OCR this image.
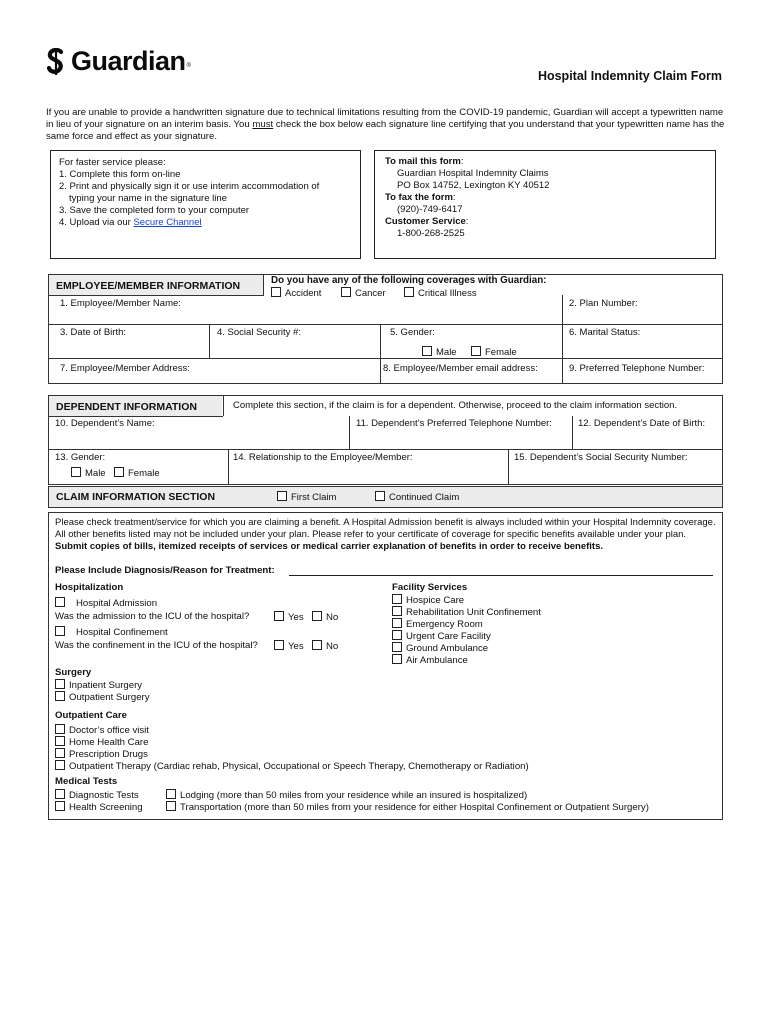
Guardian ®
Hospital Indemnity Claim Form
If you are unable to provide a handwritten signature due to technical limitations resulting from the COVID-19 pandemic, Guardian will accept a typewritten name in lieu of your signature on an interim basis. You must check the box below each signature line certifying that you understand that your typewritten name has the same force and effect as your signature.
For faster service please:
1. Complete this form on-line
2. Print and physically sign it or use interim accommodation of
typing your name in the signature line
3. Save the completed form to your computer
4. Upload via our Secure Channel
To mail this form:
Guardian Hospital Indemnity Claims
PO Box 14752, Lexington KY 40512
To fax the form:
(920)-749-6417
Customer Service:
1-800-268-2525
EMPLOYEE/MEMBER INFORMATION	Do you have any of the following coverages with Guardian:
Accident	Cancer	Critical Illness
1. Employee/Member Name:	2. Plan Number:
3. Date of Birth:	4. Social Security #:	5. Gender:	6. Marital Status:
Male	Female
7. Employee/Member Address:	8. Employee/Member email address:	9. Preferred Telephone Number:
DEPENDENT INFORMATION	Complete this section, if the claim is for a dependent. Otherwise, proceed to the claim information section.
10. Dependent’s Name:	11. Dependent’s Preferred Telephone Number:	12. Dependent’s Date of Birth:
13. Gender:
Male	Female
14. Relationship to the Employee/Member:	15. Dependent’s Social Security Number:
CLAIM INFORMATION SECTION	First Claim	Continued Claim
Please check treatment/service for which you are claiming a benefit. A Hospital Admission benefit is always included within your Hospital Indemnity coverage. All other benefits listed may not be included under your plan. Please refer to your certificate of coverage for specific benefits available under your plan. Submit copies of bills, itemized receipts of services or medical carrier explanation of benefits in order to receive benefits.
Please Include Diagnosis/Reason for Treatment:
Hospitalization
Hospital Admission
Was the admission to the ICU of the hospital?	Yes	No
Hospital Confinement
Was the confinement in the ICU of the hospital?	Yes	No
Facility Services
Hospice Care
Rehabilitation Unit Confinement
Emergency Room
Urgent Care Facility
Ground Ambulance
Air Ambulance
Surgery
Inpatient Surgery
Outpatient Surgery
Outpatient Care
Doctor’s office visit
Home Health Care
Prescription Drugs
Outpatient Therapy (Cardiac rehab, Physical, Occupational or Speech Therapy, Chemotherapy or Radiation)
Medical Tests
Diagnostic Tests
Health Screening
Lodging (more than 50 miles from your residence while an insured is hospitalized)
Transportation (more than 50 miles from your residence for either Hospital Confinement or Outpatient Surgery)
